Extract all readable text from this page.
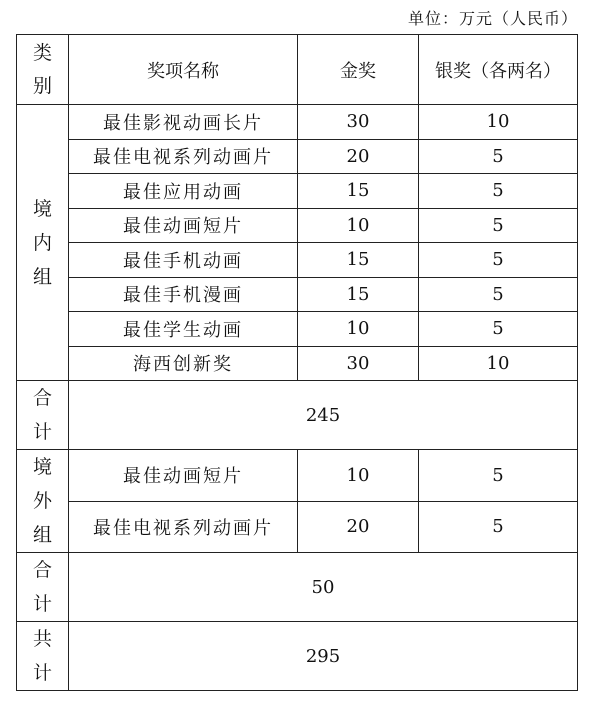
单位：万元（人民币）
类别	奖项名称	金奖	银奖（各两名）
境内组	最佳影视动画长片	30	10
	最佳电视系列动画片	20	5
	最佳应用动画	15	5
	最佳动画短片	10	5
	最佳手机动画	15	5
	最佳手机漫画	15	5
	最佳学生动画	10	5
	海西创新奖	30	10
合计	245		
境外组	最佳动画短片	10	5
	最佳电视系列动画片	20	5
合计	50		
共计	295		
